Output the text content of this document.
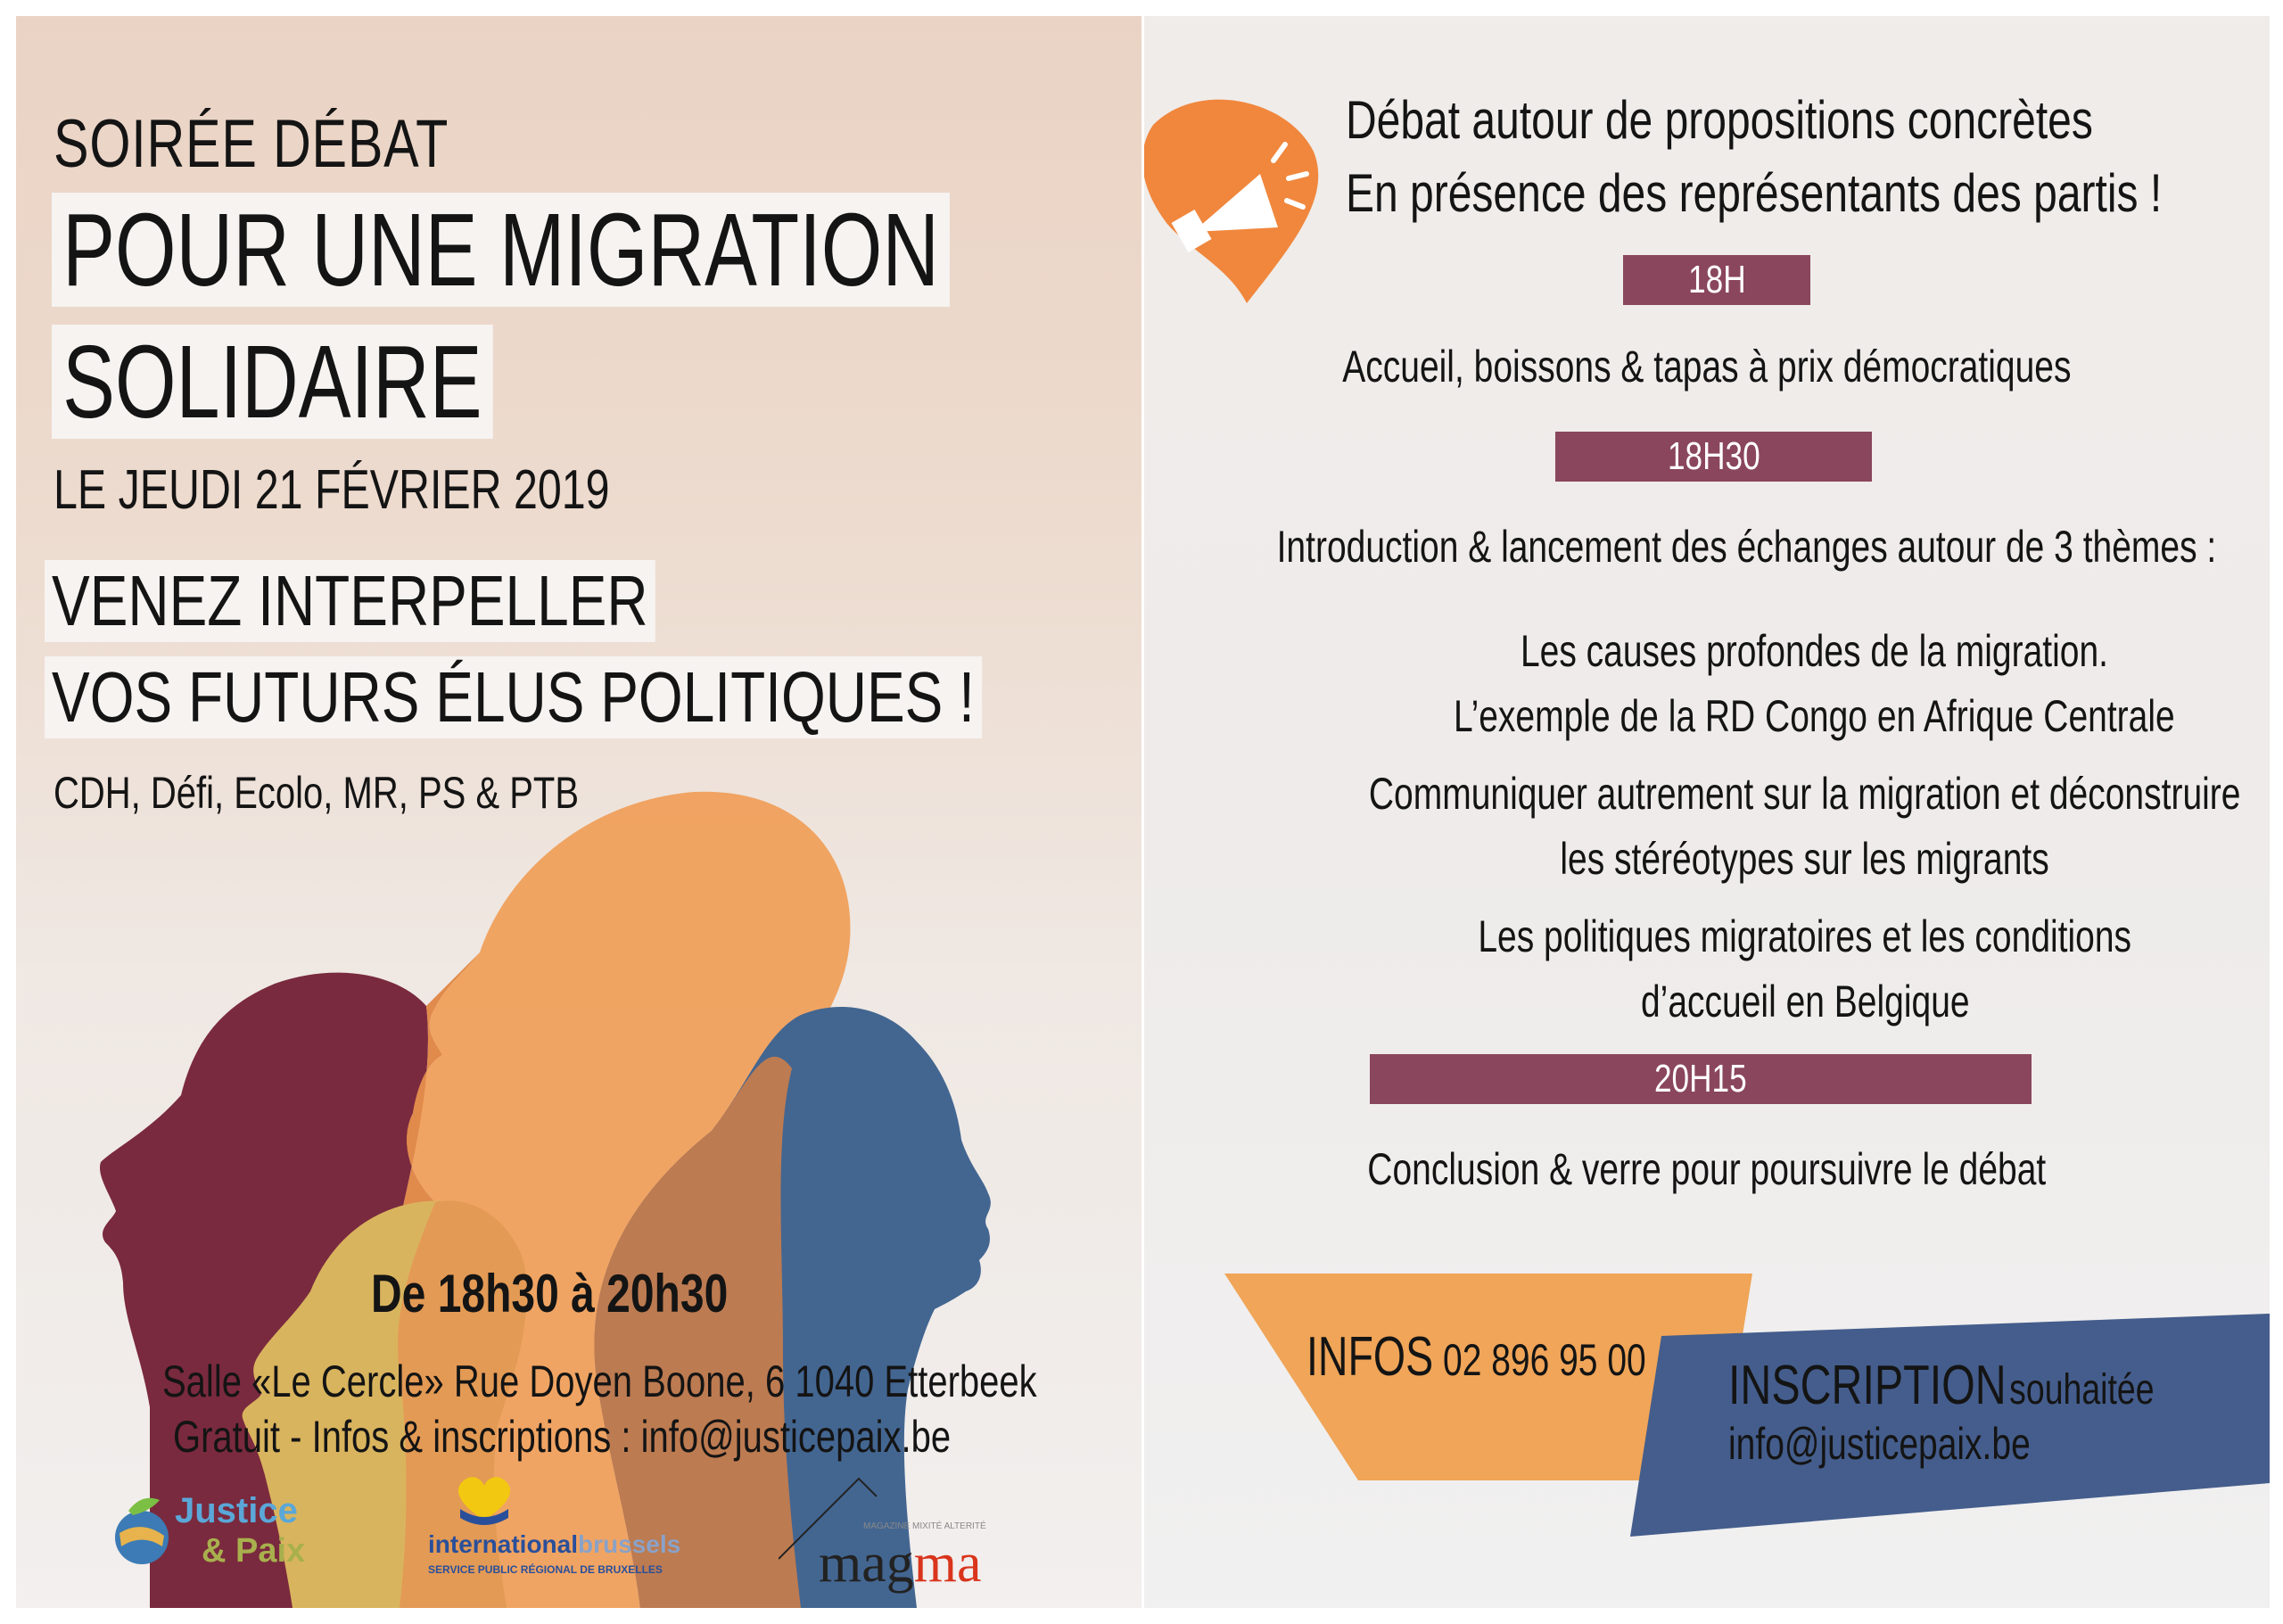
SOIRÉE DÉBAT
POUR UNE MIGRATION
SOLIDAIRE
LE JEUDI 21 FÉVRIER 2019
VENEZ INTERPELLER
VOS FUTURS ÉLUS POLITIQUES !
CDH, Défi, Ecolo, MR, PS & PTB
De 18h30 à 20h30
Salle «Le Cercle» Rue Doyen Boone, 6 1040 Etterbeek
Gratuit - Infos & inscriptions : info@justicepaix.be
Justice
& Paix	internationalbrussels
SERVICE PUBLIC RÉGIONAL DE BRUXELLES
MAGAZINE MIXITÉ ALTERITÉ
magma
Débat autour de propositions concrètes
En présence des représentants des partis !
18H
Accueil, boissons & tapas à prix démocratiques
18H30
Introduction & lancement des échanges autour de 3 thèmes :
Les causes profondes de la migration.
L’exemple de la RD Congo en Afrique Centrale
Communiquer autrement sur la migration et déconstruire
les stéréotypes sur les migrants
Les politiques migratoires et les conditions
d’accueil en Belgique
20H15
Conclusion & verre pour poursuivre le débat
INFOS 02 896 95 00 INSCRIPTION souhaitée
info@justicepaix.be
